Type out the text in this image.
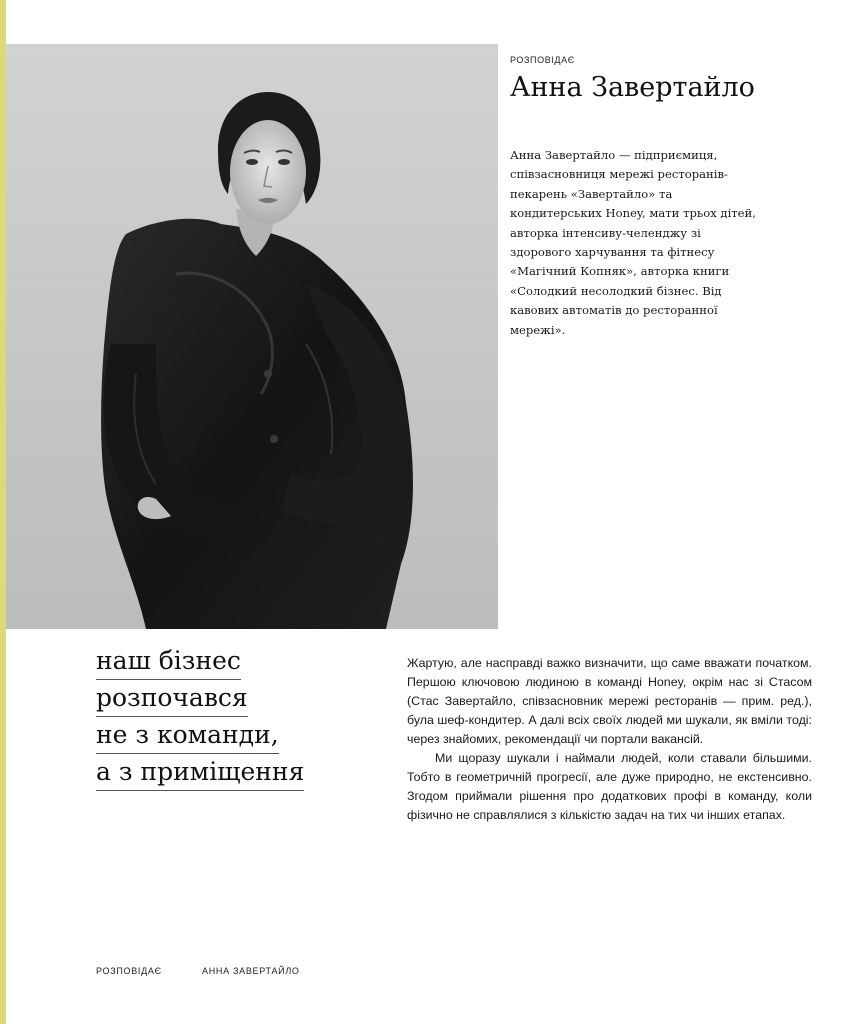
РОЗПОВІДАЄ
Анна Завертайло

Анна Завертайло — підприємиця, співзасновниця мережі ресторанів-пекарень «Завертайло» та кондитерських Honey, мати трьох дітей, авторка інтенсиву-челенджу зі здорового харчування та фітнесу «Магічний Копняк», авторка книги «Солодкий несолодкий бізнес. Від кавових автоматів до ресторанної мережі».

наш бізнес
розпочався
не з команди,
а з приміщення

Жартую, але насправді важко визначити, що саме вважати початком. Першою ключовою людиною в команді Honey, окрім нас зі Стасом (Стас Завертайло, співзасновник мережі ресторанів — прим. ред.), була шеф-кондитер. А далі всіх своїх людей ми шукали, як вміли тоді: через знайомих, рекомендації чи портали вакансій.

Ми щоразу шукали і наймали людей, коли ставали більшими. Тобто в геометричній прогресії, але дуже природно, не екстенсивно. Згодом приймали рішення про додаткових профі в команду, коли фізично не справлялися з кількістю задач на тих чи інших етапах.

РОЗПОВІДАЄ	АННА ЗАВЕРТАЙЛО
